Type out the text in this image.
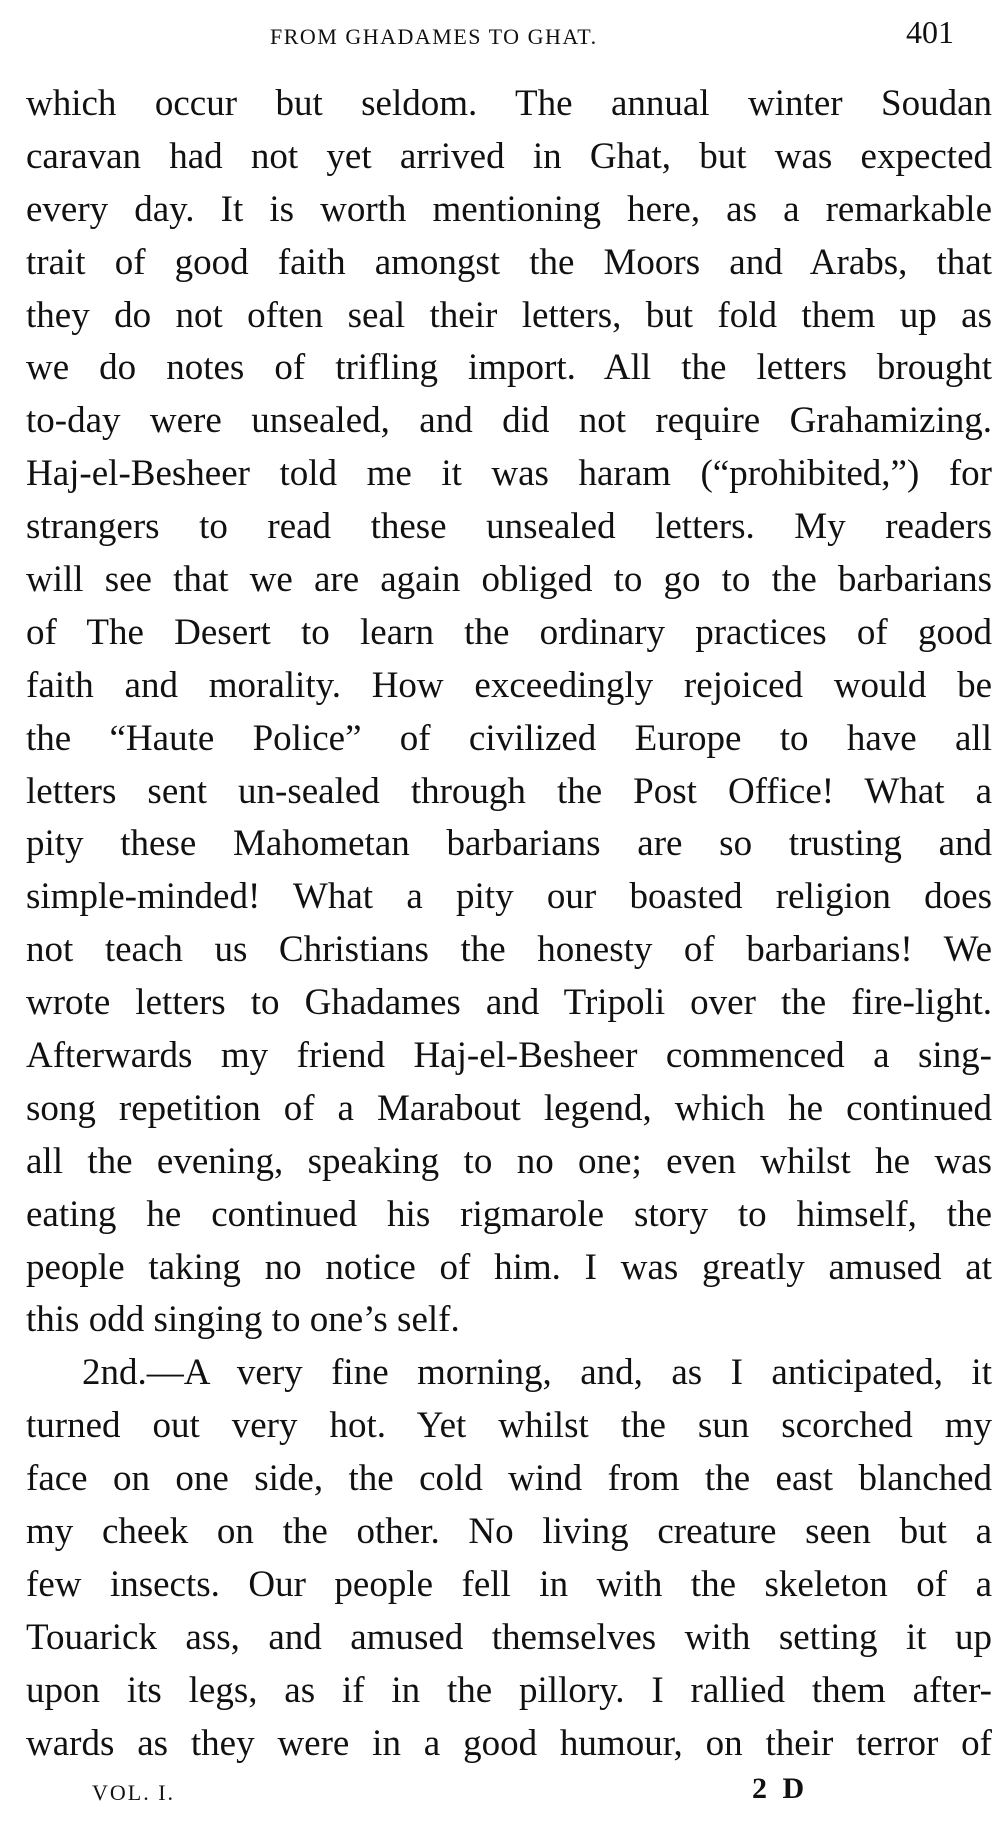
FROM GHADAMES TO GHAT.	401
which occur but seldom. The annual winter Soudan
caravan had not yet arrived in Ghat, but was expected
every day. It is worth mentioning here, as a remarkable
trait of good faith amongst the Moors and Arabs, that
they do not often seal their letters, but fold them up as
we do notes of trifling import. All the letters brought
to-day were unsealed, and did not require Grahamizing.
Haj-el-Besheer told me it was haram (“prohibited,”) for
strangers to read these unsealed letters. My readers
will see that we are again obliged to go to the barbarians
of The Desert to learn the ordinary practices of good
faith and morality. How exceedingly rejoiced would be
the “Haute Police” of civilized Europe to have all
letters sent un-sealed through the Post Office! What a
pity these Mahometan barbarians are so trusting and
simple-minded! What a pity our boasted religion does
not teach us Christians the honesty of barbarians! We
wrote letters to Ghadames and Tripoli over the fire-light.
Afterwards my friend Haj-el-Besheer commenced a sing-
song repetition of a Marabout legend, which he continued
all the evening, speaking to no one; even whilst he was
eating he continued his rigmarole story to himself, the
people taking no notice of him. I was greatly amused at
this odd singing to one’s self.
2nd.—A very fine morning, and, as I anticipated, it
turned out very hot. Yet whilst the sun scorched my
face on one side, the cold wind from the east blanched
my cheek on the other. No living creature seen but a
few insects. Our people fell in with the skeleton of a
Touarick ass, and amused themselves with setting it up
upon its legs, as if in the pillory. I rallied them after-
wards as they were in a good humour, on their terror of
VOL. I.	2 D
